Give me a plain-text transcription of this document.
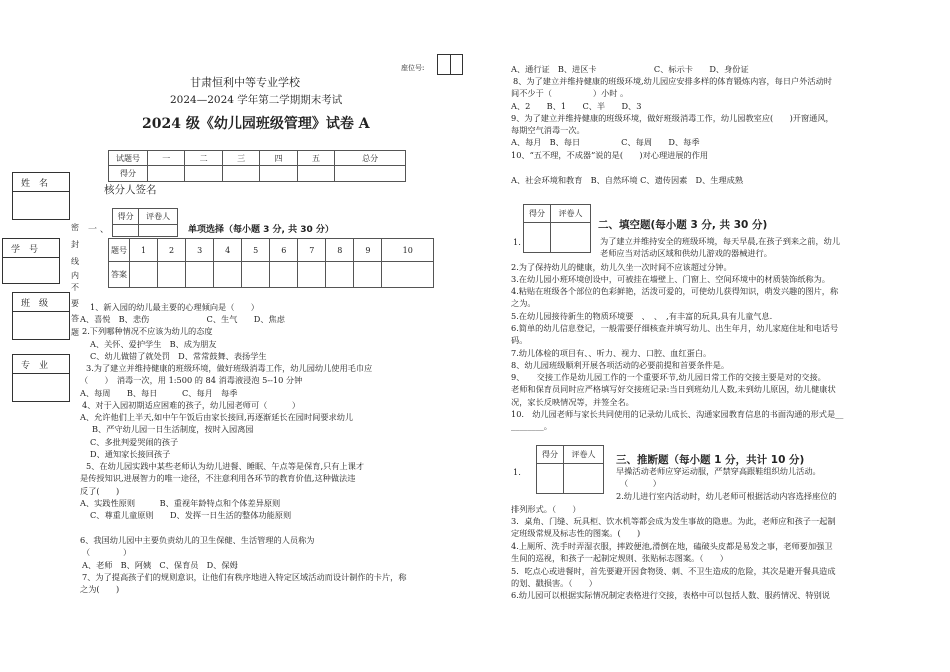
座位号:
甘肃恒利中等专业学校
2024—2024 学年第二学期期末考试
2024 级《幼儿园班级管理》试卷 A
姓　名
学　号
班　级
专　业
密
封
线
内
不
要
答
题
试题号	一	二	三	四	五	总分
得分						
核分人签名
得分	评卷人

一 、	单项选择（每小题 3 分, 共 30 分）
题号	1	2	3	4	5	6	7	8	9	10
答案										
1、新入园的幼儿最主要的心理倾向是（　　）
A、喜悦　B、悲伤　　　　　　　C、生气　　D、焦虑
2.下列哪种情况不应该为幼儿的态度
A、关怀、爱护学生　B、成为朋友
C、幼儿做错了就处罚　D、常常鼓舞、表扬学生
3.为了建立并维持健康的班级环境，做好班级消毒工作，幼儿园幼儿使用毛巾应
（　　）　消毒一次，用 1:500 的 84 消毒液浸泡 5--10 分钟
A、每周　　B、每日　　　C、每月　每季
4、对于入园初期适应困难的孩子，幼儿园老师可（　　　）
A、允许他们上半天,如中午午饭后由家长接回,再逐渐延长在园时间要求幼儿
B、严守幼儿园一日生活制度，按时入园离园
C、多批判爱哭闹的孩子
D、通知家长接回孩子
5、在幼儿园实践中某些老师认为幼儿进餐、睡眠、午点等是保育,只有上课才
是传授知识,进展智力的唯一途径，不注意利用各环节的教育价值,这种做法违
反了(　　)
A、实践性原则　　　B、重视年龄特点和个体差异原则
C、尊重儿童原则　　D、发挥一日生活的整体功能原则
6、我国幼儿园中主要负责幼儿的卫生保健、生活管理的人员称为
（　　　　）
A、老师　B、阿姨　C、保育员　D、保姆
7、为了提高孩子们的规则意识，让他们有秩序地进入特定区域活动而设计制作的卡片，称
之为(　　)
A、通行证　B、进区卡　　　　　　　C、标示卡　　D、身份证
8、为了建立并维持健康的班级环境,幼儿园应安排多样的体育锻炼内容，每日户外活动时
间不少于（　　　　　）小时 。
A、2　　B、1　　C、半　　D、3
9、为了建立并维持健康的班级环境，做好班级消毒工作，幼儿园教室应(　　)开窗通风，
每期空气消毒一次。
A、每月　B、每日　　　　　C、每周　　D、每季
10、“五不理，不成器”说的是(　　)对心理进展的作用
A、社会环境和教育　B、自然环境 C、遗传因素　D、生理成熟
得分	评卷人

二、填空题(每小题 3 分, 共 30 分)
1.	为了建立并维持安全的班级环境，每天早晨,在孩子到来之前，幼儿
老师应当对活动区域和供幼儿游戏的器械进行。
2.为了保持幼儿的健康，幼儿久坐一次时间不应该超过分钟。
3.在幼儿园小班环境创设中，可被挂在墙壁上、门窗上、空间环境中的材质装饰纸称为。
4.粘贴在班级各个部位的色彩鲜艳，活泼可爱的，可使幼儿获得知识，萌发兴趣的图片，称
之为。
5.在幼儿园接待新生的物质环境要　、　、　,有丰富的玩具,具有儿童气息.
6.简单的幼儿信息登记，一般需要仔细核查并填写幼儿、出生年月，幼儿家庭住址和电话号
码。
7.幼儿体检的项目有、、听力、视力、口腔、血红蛋白。
8、幼儿园班级顺利开展各项活动的必要前提和首要条件是。
9、　　交接工作是幼儿园工作的一个重要环节,幼儿园日常工作的交接主要是对的交接。
老师和保育员同时应严格填写好交接班记录:当日到班幼儿人数,未到幼儿原因，幼儿健康状
况，家长反映情况等，并签全名。
10.　幼儿园老师与家长共同使用的记录幼儿成长、沟通家园教育信息的书面沟通的形式是__
________。
得分	评卷人
	三、推断题（每小题 1 分，共计 10 分)
1.	早操活动老师应穿运动服，严禁穿高跟鞋组织幼儿活动。
（　　　）
2.幼儿进行室内活动时，幼儿老师可根据活动内容选择座位的
排列形式。（　　）
3．桌角、门缝、玩具柜、饮水机等都会成为发生事故的隐患。为此，老师应和孩子一起制
定班级常规及标志性的图案。(　　)
4.上厕所、洗手时弄湿衣服，摔跤便池,滑倒在地，磕破头皮都是易发之事，老师要加强卫
生间的巡视，和孩子一起制定规则、张贴标志图案。（　　）
5．吃点心或进餐时，首先要避开因食物烫、刺、不卫生造成的危险，其次是避开餐具造成
的划、戳损害。（　　）
6.幼儿园可以根据实际情况制定表格进行交接，表格中可以包括人数、服药情况、特别说
